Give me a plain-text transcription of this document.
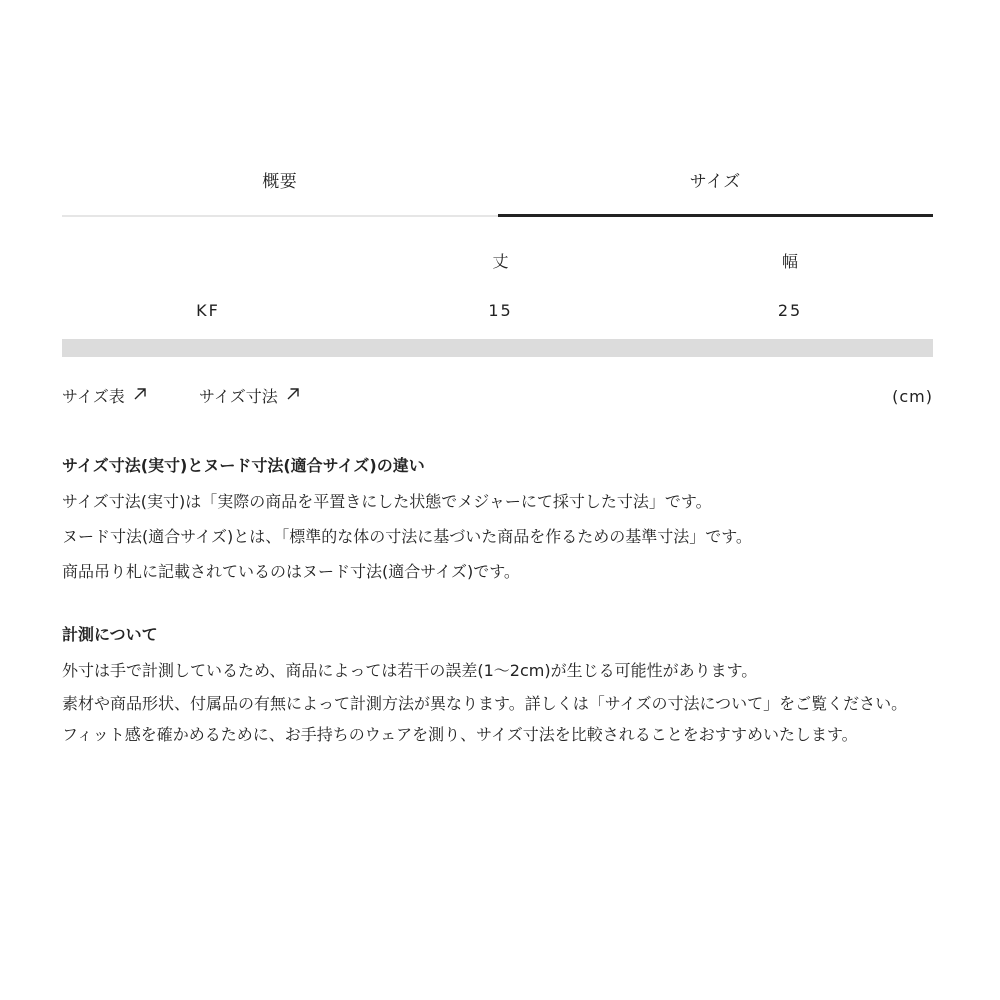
概要	サイズ
	丈	幅
KF	15	25
サイズ表	サイズ寸法	(cm)

サイズ寸法(実寸)とヌード寸法(適合サイズ)の違い

サイズ寸法(実寸)は「実際の商品を平置きにした状態でメジャーにて採寸した寸法」です。

ヌード寸法(適合サイズ)とは、「標準的な体の寸法に基づいた商品を作るための基準寸法」です。

商品吊り札に記載されているのはヌード寸法(適合サイズ)です。

計測について

外寸は手で計測しているため、商品によっては若干の誤差(1〜2cm)が生じる可能性があります。

素材や商品形状、付属品の有無によって計測方法が異なります。詳しくは「サイズの寸法について」をご覧ください。

フィット感を確かめるために、お手持ちのウェアを測り、サイズ寸法を比較されることをおすすめいたします。
